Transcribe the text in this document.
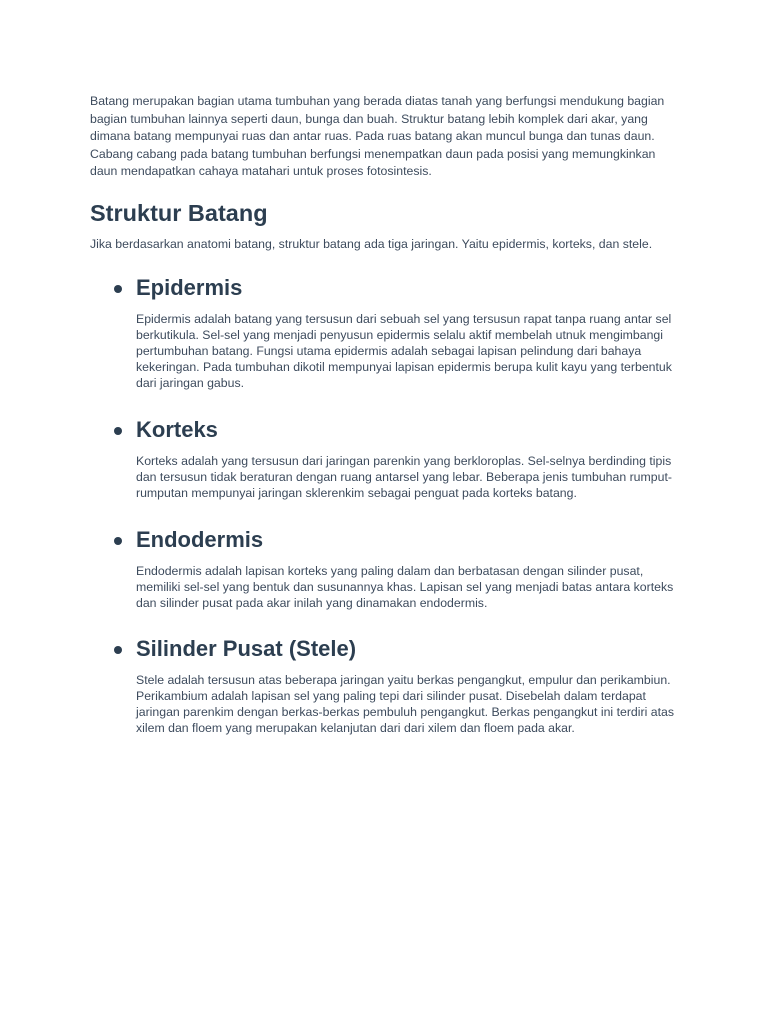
Batang merupakan bagian utama tumbuhan yang berada diatas tanah yang berfungsi mendukung bagian bagian tumbuhan lainnya seperti daun, bunga dan buah. Struktur batang lebih komplek dari akar, yang dimana batang mempunyai ruas dan antar ruas. Pada ruas batang akan muncul bunga dan tunas daun. Cabang cabang pada batang tumbuhan berfungsi menempatkan daun pada posisi yang memungkinkan daun mendapatkan cahaya matahari untuk proses fotosintesis.

Struktur Batang

Jika berdasarkan anatomi batang, struktur batang ada tiga jaringan. Yaitu epidermis, korteks, dan stele.

Epidermis

Epidermis adalah batang yang tersusun dari sebuah sel yang tersusun rapat tanpa ruang antar sel berkutikula. Sel-sel yang menjadi penyusun epidermis selalu aktif membelah utnuk mengimbangi pertumbuhan batang. Fungsi utama epidermis adalah sebagai lapisan pelindung dari bahaya kekeringan. Pada tumbuhan dikotil mempunyai lapisan epidermis berupa kulit kayu yang terbentuk dari jaringan gabus.

Korteks

Korteks adalah yang tersusun dari jaringan parenkin yang berkloroplas. Sel-selnya berdinding tipis dan tersusun tidak beraturan dengan ruang antarsel yang lebar. Beberapa jenis tumbuhan rumput-rumputan mempunyai jaringan sklerenkim sebagai penguat pada korteks batang.

Endodermis

Endodermis adalah lapisan korteks yang paling dalam dan berbatasan dengan silinder pusat, memiliki sel-sel yang bentuk dan susunannya khas. Lapisan sel yang menjadi batas antara korteks dan silinder pusat pada akar inilah yang dinamakan endodermis.

Silinder Pusat (Stele)

Stele adalah tersusun atas beberapa jaringan yaitu berkas pengangkut, empulur dan perikambiun. Perikambium adalah lapisan sel yang paling tepi dari silinder pusat. Disebelah dalam terdapat jaringan parenkim dengan berkas-berkas pembuluh pengangkut. Berkas pengangkut ini terdiri atas xilem dan floem yang merupakan kelanjutan dari dari xilem dan floem pada akar.
